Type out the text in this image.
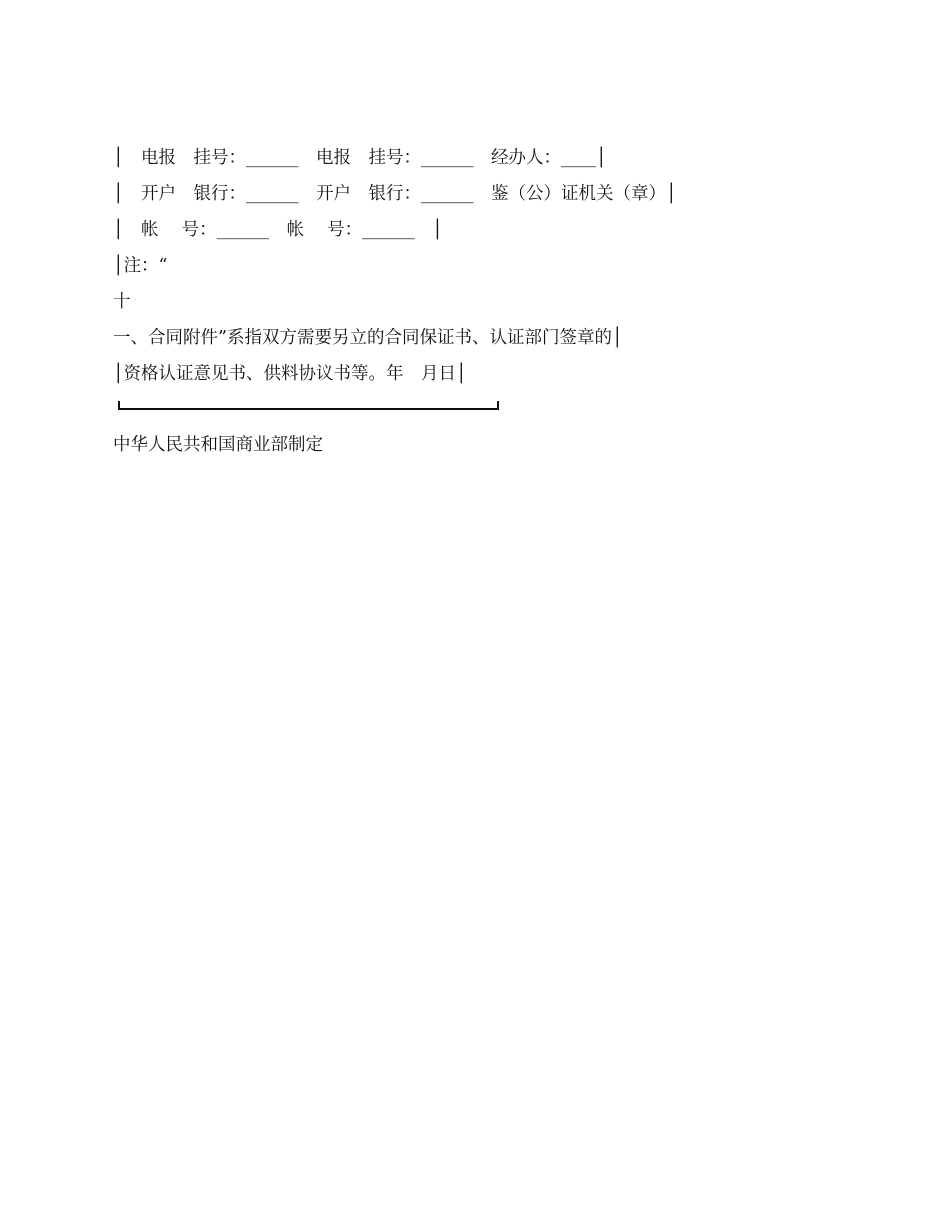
│　电报　挂号：______　电报　挂号：______　经办人：____│
│　开户　银行：______　开户　银行：______　鉴（公）证机关（章）│
│　帐　 号：______　帐　 号：______　│
│注：“
十
一、合同附件”系指双方需要另立的合同保证书、认证部门签章的│
│资格认证意见书、供料协议书等。年　月日│
中华人民共和国商业部制定
